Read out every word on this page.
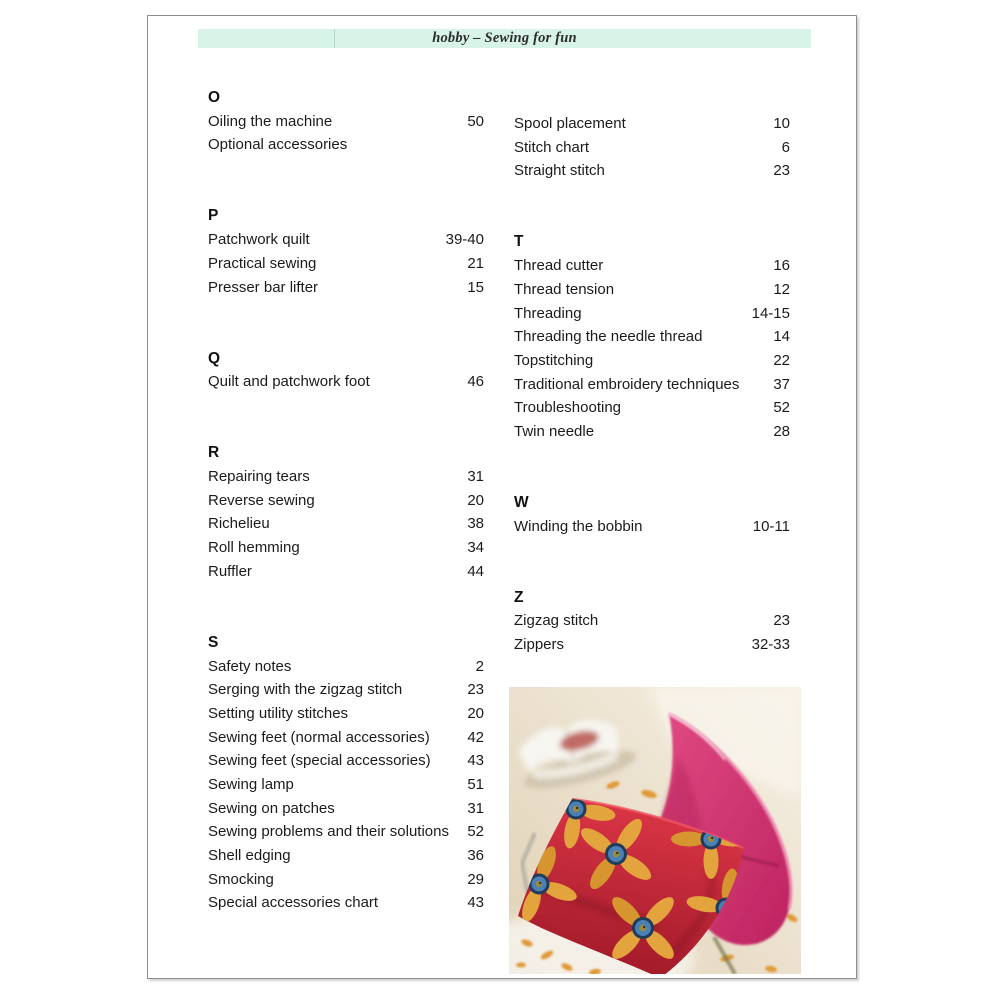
hobby – Sewing for fun
O
Oiling the machine	50
Optional accessories
P
Patchwork quilt	39-40
Practical sewing	21
Presser bar lifter	15
Q
Quilt and patchwork foot	46
R
Repairing tears	31
Reverse sewing	20
Richelieu	38
Roll hemming	34
Ruffler	44
S
Safety notes	2
Serging with the zigzag stitch	23
Setting utility stitches	20
Sewing feet (normal accessories)	42
Sewing feet (special accessories)	43
Sewing lamp	51
Sewing on patches	31
Sewing problems and their solutions	52
Shell edging	36
Smocking	29
Special accessories chart	43
Spool placement	10
Stitch chart	6
Straight stitch	23
T
Thread cutter	16
Thread tension	12
Threading	14-15
Threading the needle thread	14
Topstitching	22
Traditional embroidery techniques	37
Troubleshooting	52
Twin needle	28
W
Winding the bobbin	10-11
Z
Zigzag stitch	23
Zippers	32-33
